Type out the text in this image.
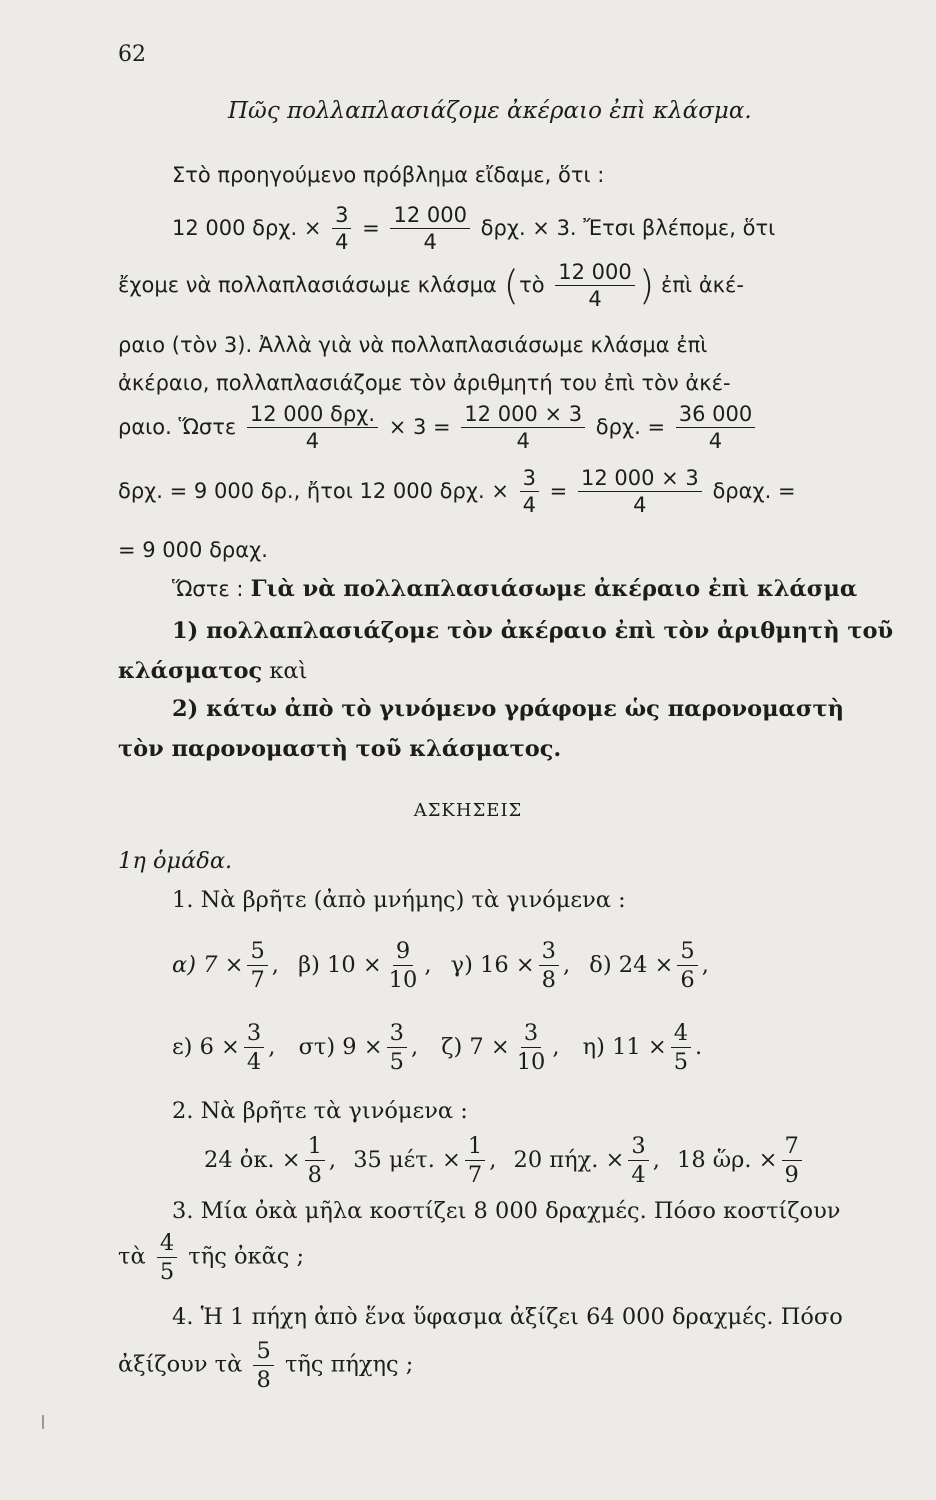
62
Πῶς πολλαπλασιάζομε ἀκέραιο ἐπὶ κλάσμα.
Στὸ προηγούμενο πρόβλημα εἴδαμε, ὅτι :
12 000 δρχ. × $\frac{3}{4} = \frac{12 000}{4} \delta\rho\chi$. × 3. Ἔτσι βλέπομε, ὅτι
ἔχομε νὰ πολλαπλασιάσωμε κλάσμα (τὸ $\frac{12 000}{4}$ ) ἐπὶ ἀκέ-
ραιο (τὸν 3). Ἀλλὰ γιὰ νὰ πολλαπλασιάσωμε κλάσμα ἐπὶ
ἀκέραιο, πολλαπλασιάζομε τὸν ἀριθμητή του ἐπὶ τὸν ἀκέ-
ραιο. Ὥστε $\frac{\text{12 000 δρχ.}}{4} \times 3 = \frac{12 000 \times 3}{4} \delta\rho\chi$. = $\frac{36 000}{4}$
δρχ. = 9 000 δρ., ἤτοι 12 000 δρχ. × $\frac{3}{4} = \frac{12 000 \times 3}{4} \delta\rho\alpha\chi$. =
= 9 000 δραχ.
Ὥστε : Γιὰ νὰ πολλαπλασιάσωμε ἀκέραιο ἐπὶ κλάσμα
1) πολλαπλασιάζομε τὸν ἀκέραιο ἐπὶ τὸν ἀριθμητὴ τοῦ
κλάσματος καὶ
2) κάτω ἀπὸ τὸ γινόμενο γράφομε ὡς παρονομαστὴ
τὸν παρονομαστὴ τοῦ κλάσματος.
ΑΣΚΗΣΕΙΣ
1η ὁμάδα.
1. Νὰ βρῆτε (ἀπὸ μνήμης) τὰ γινόμενα :
α) $7 \times \frac{5}{7}$ , β) $10 \times \frac{9}{10}$ , γ) $16 \times \frac{3}{8}$ , δ) $24 \times \frac{5}{6}$ ,
ε) $6 \times \frac{3}{4}$ , στ) $9 \times \frac{3}{5}$ , ζ) $7 \times \frac{3}{10}$ , η) $11 \times \frac{4}{5}$ .
2. Νὰ βρῆτε τὰ γινόμενα :
24 ὀκ. × $\frac{1}{8}$ , 35 μέτ. × $\frac{1}{7}$ , 20 πήχ. × $\frac{3}{4}$ , 18 ὥρ. × $\frac{7}{9}$
3. Μία ὀκὰ μῆλα κοστίζει 8 000 δραχμές. Πόσο κοστίζουν
τὰ $\frac{4}{5}$ τῆς ὀκᾶς ;
4. Ἡ 1 πήχη ἀπὸ ἕνα ὕφασμα ἀξίζει 64 000 δραχμές. Πόσο
ἀξίζουν τὰ $\frac{5}{8}$ τῆς πήχης ;
